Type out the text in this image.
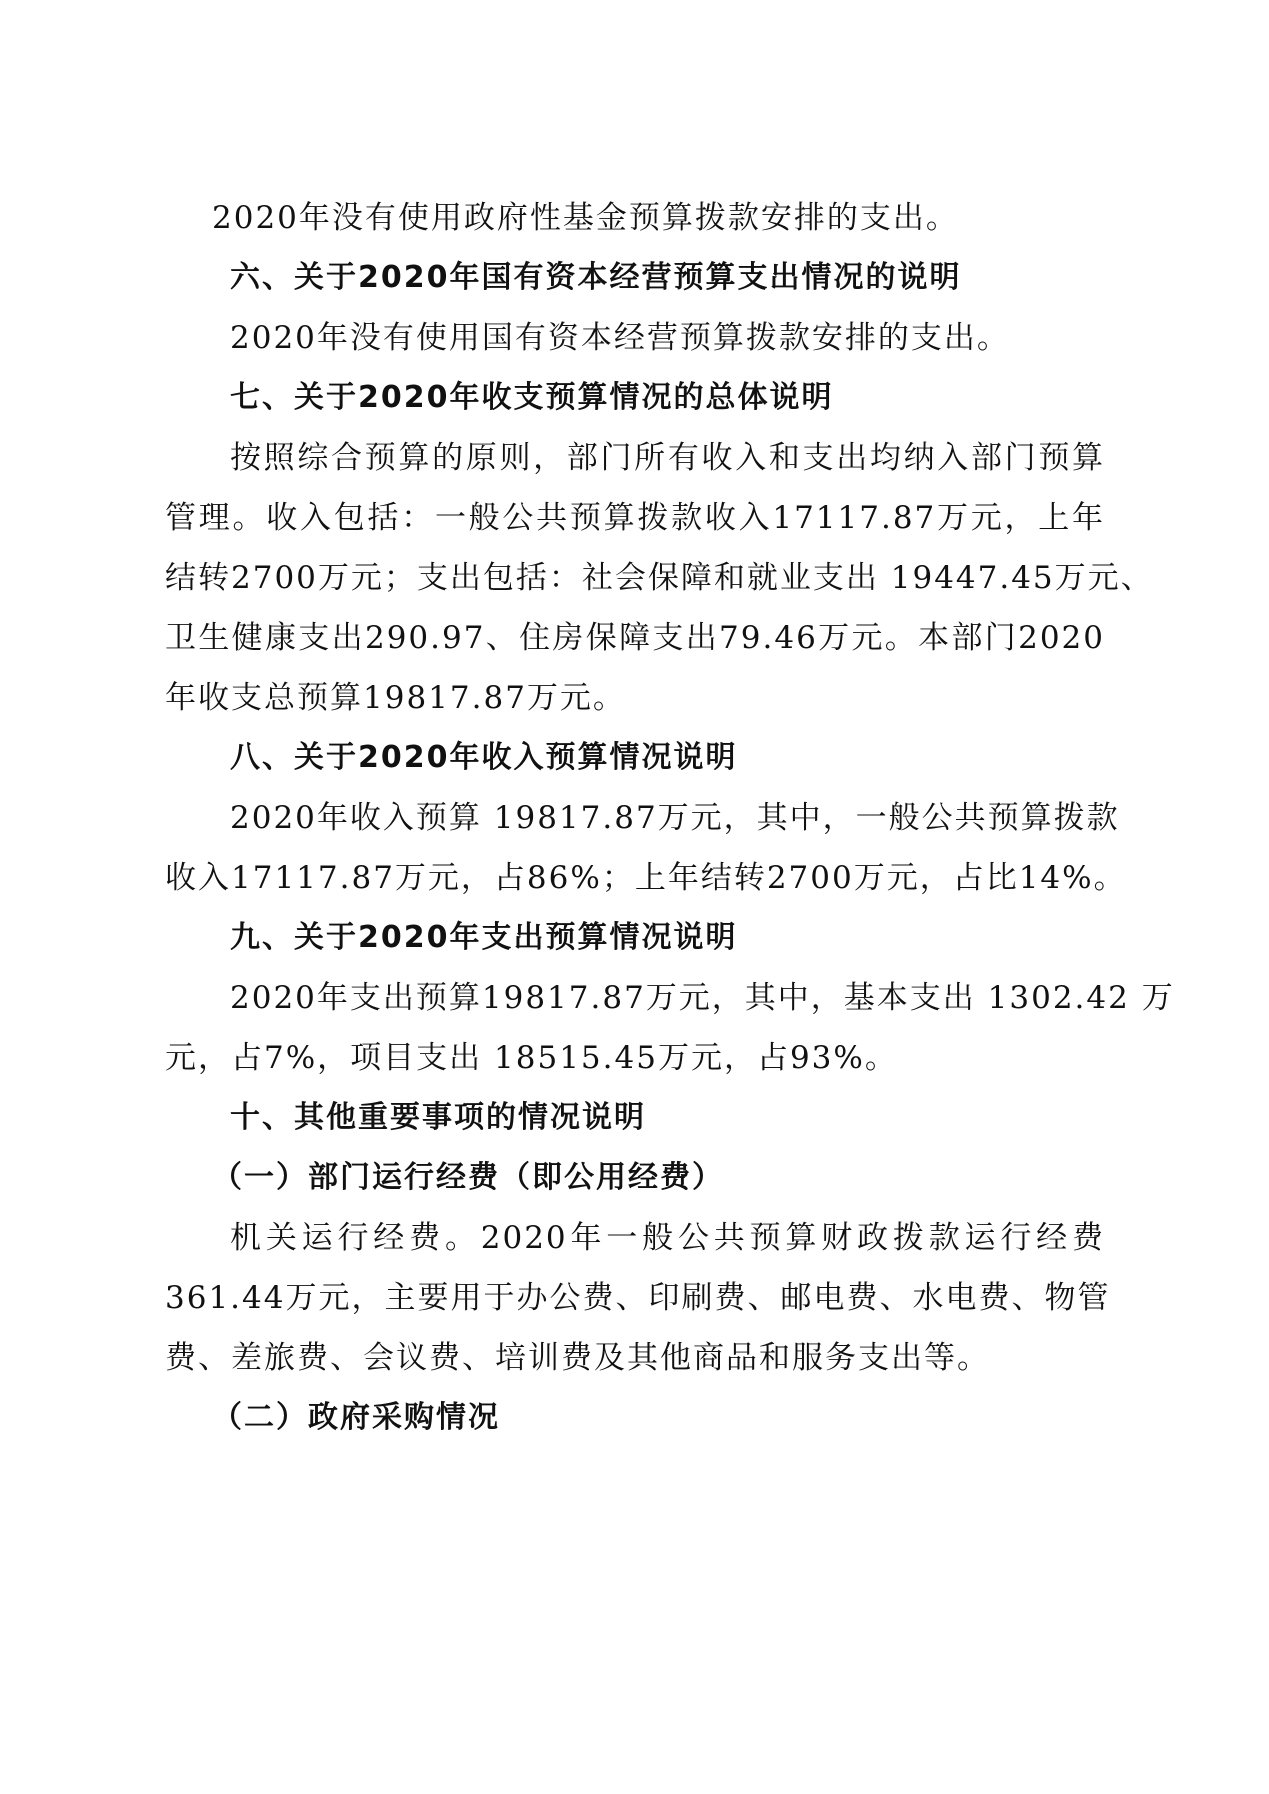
2020年没有使用政府性基金预算拨款安排的支出。
六、关于2020年国有资本经营预算支出情况的说明
2020年没有使用国有资本经营预算拨款安排的支出。
七、关于2020年收支预算情况的总体说明
按照综合预算的原则，部门所有收入和支出均纳入部门预算
管理。收入包括：一般公共预算拨款收入17117.87万元，上年
结转2700万元；支出包括：社会保障和就业支出 19447.45万元、
卫生健康支出290.97、住房保障支出79.46万元。本部门2020
年收支总预算19817.87万元。
八、关于2020年收入预算情况说明
2020年收入预算 19817.87万元，其中，一般公共预算拨款
收入17117.87万元，占86%；上年结转2700万元，占比14%。
九、关于2020年支出预算情况说明
2020年支出预算19817.87万元，其中，基本支出 1302.42 万
元，占7%，项目支出 18515.45万元，占93%。
十、其他重要事项的情况说明
（一）部门运行经费（即公用经费）
机关运行经费。2020年一般公共预算财政拨款运行经费
361.44万元，主要用于办公费、印刷费、邮电费、水电费、物管
费、差旅费、会议费、培训费及其他商品和服务支出等。
（二）政府采购情况
